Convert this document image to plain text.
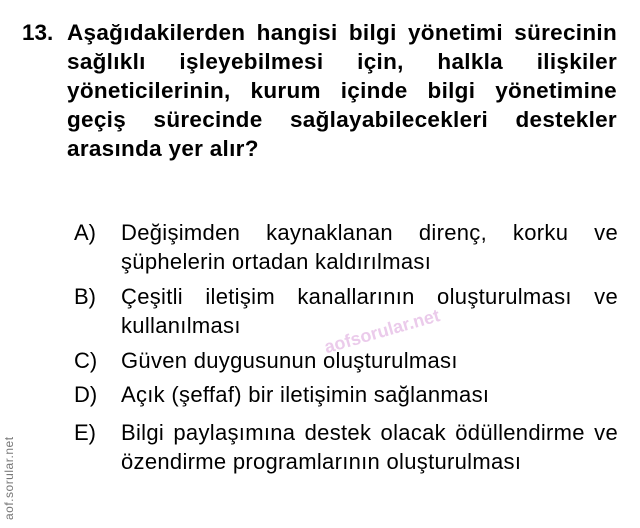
13. Aşağıdakilerden hangisi bilgi yönetimi sürecinin sağlıklı işleyebilmesi için, halkla ilişkiler yöneticilerinin, kurum içinde bilgi yönetimine geçiş sürecinde sağlayabilecekleri destekler arasında yer alır?
A) Değişimden kaynaklanan direnç, korku ve şüphelerin ortadan kaldırılması
B) Çeşitli iletişim kanallarının oluşturulması ve kullanılması
C) Güven duygusunun oluşturulması
D) Açık (şeffaf) bir iletişimin sağlanması
E) Bilgi paylaşımına destek olacak ödüllendirme ve özendirme programlarının oluşturulması
aof.sorular.net
aofsorular.net
